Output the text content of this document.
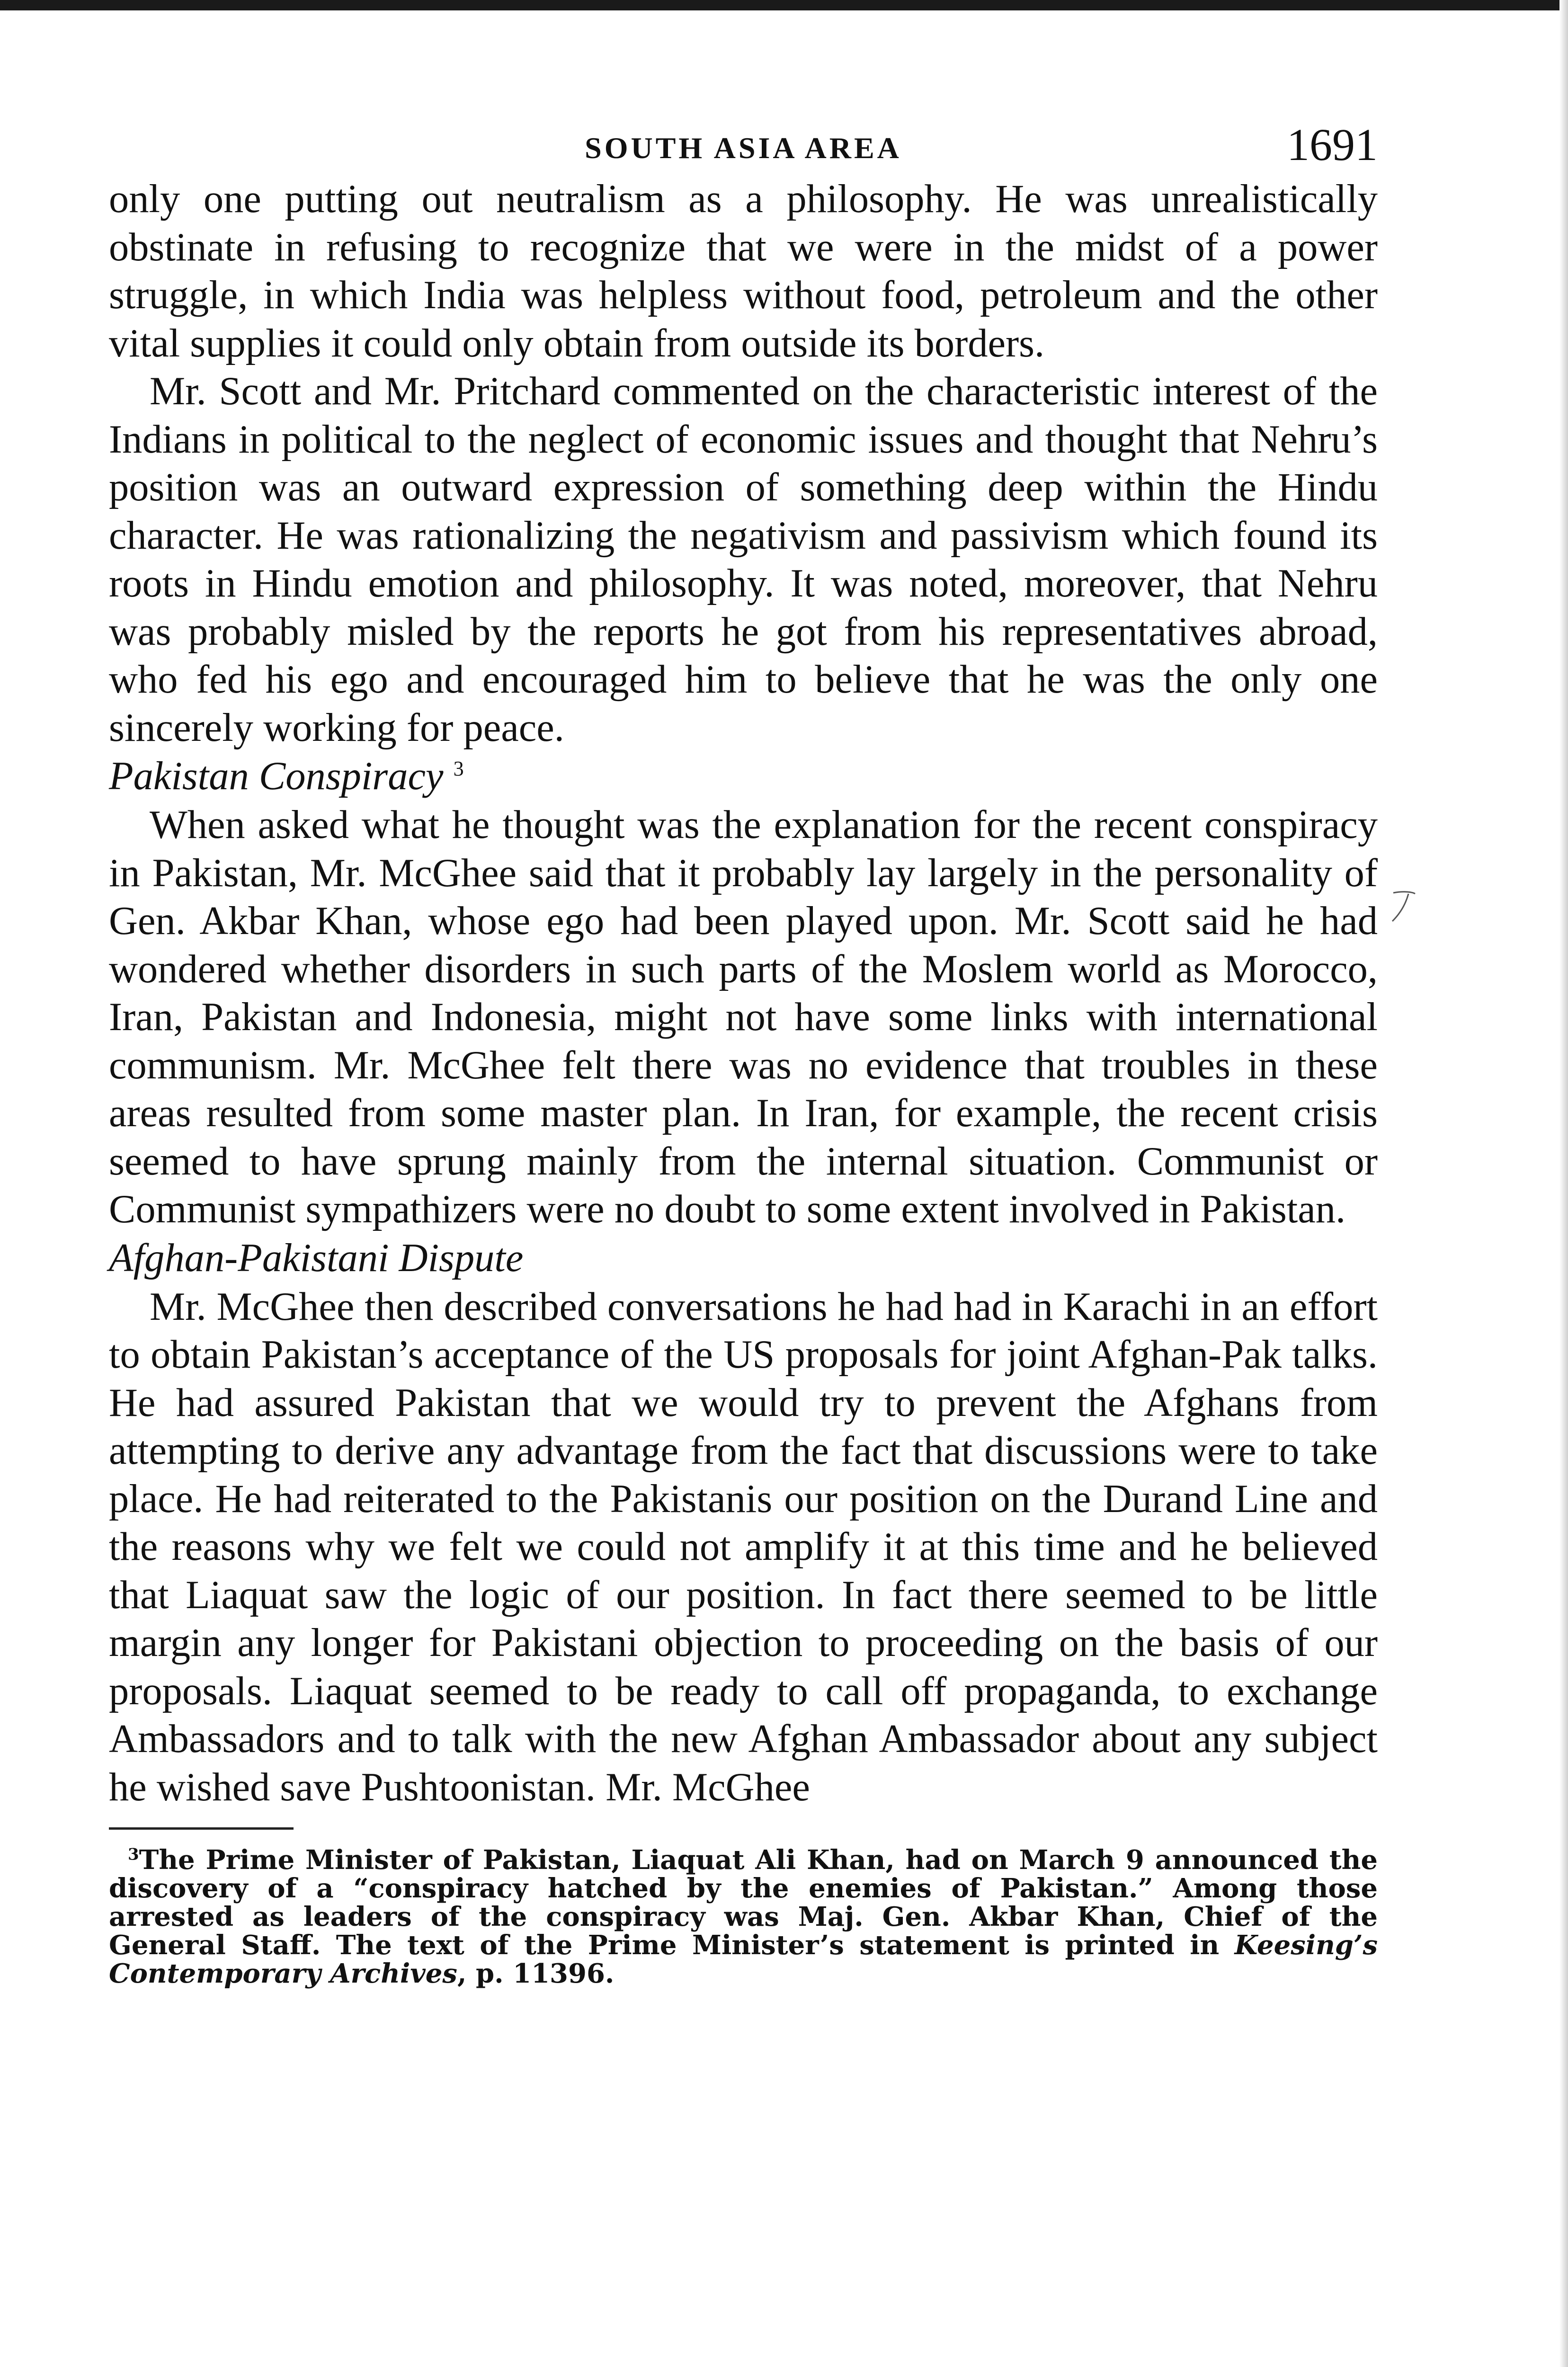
SOUTH ASIA AREA	1691

only one putting out neutralism as a philosophy. He was unrealistically obstinate in refusing to recognize that we were in the midst of a power struggle, in which India was helpless without food, petroleum and the other vital supplies it could only obtain from outside its borders.

Mr. Scott and Mr. Pritchard commented on the characteristic interest of the Indians in political to the neglect of economic issues and thought that Nehru’s position was an outward expression of something deep within the Hindu character. He was rationalizing the negativism and passivism which found its roots in Hindu emotion and philosophy. It was noted, moreover, that Nehru was probably misled by the reports he got from his representatives abroad, who fed his ego and encouraged him to believe that he was the only one sincerely working for peace.

Pakistan Conspiracy $^3$

When asked what he thought was the explanation for the recent conspiracy in Pakistan, Mr. McGhee said that it probably lay largely in the personality of Gen. Akbar Khan, whose ego had been played upon. Mr. Scott said he had wondered whether disorders in such parts of the Moslem world as Morocco, Iran, Pakistan and Indonesia, might not have some links with international communism. Mr. McGhee felt there was no evidence that troubles in these areas resulted from some master plan. In Iran, for example, the recent crisis seemed to have sprung mainly from the internal situation. Communist or Communist sympathizers were no doubt to some extent involved in Pakistan.

Afghan-Pakistani Dispute

Mr. McGhee then described conversations he had had in Karachi in an effort to obtain Pakistan’s acceptance of the US proposals for joint Afghan-Pak talks. He had assured Pakistan that we would try to prevent the Afghans from attempting to derive any advantage from the fact that discussions were to take place. He had reiterated to the Pakistanis our position on the Durand Line and the reasons why we felt we could not amplify it at this time and he believed that Liaquat saw the logic of our position. In fact there seemed to be little margin any longer for Pakistani objection to proceeding on the basis of our proposals. Liaquat seemed to be ready to call off propaganda, to exchange Ambassadors and to talk with the new Afghan Ambassador about any subject he wished save Pushtoonistan. Mr. McGhee

$^3$The Prime Minister of Pakistan, Liaquat Ali Khan, had on March 9 announced the discovery of a “conspiracy hatched by the enemies of Pakistan.” Among those arrested as leaders of the conspiracy was Maj. Gen. Akbar Khan, Chief of the General Staff. The text of the Prime Minister’s statement is printed in Keesing’s Contemporary Archives, p. 11396.
